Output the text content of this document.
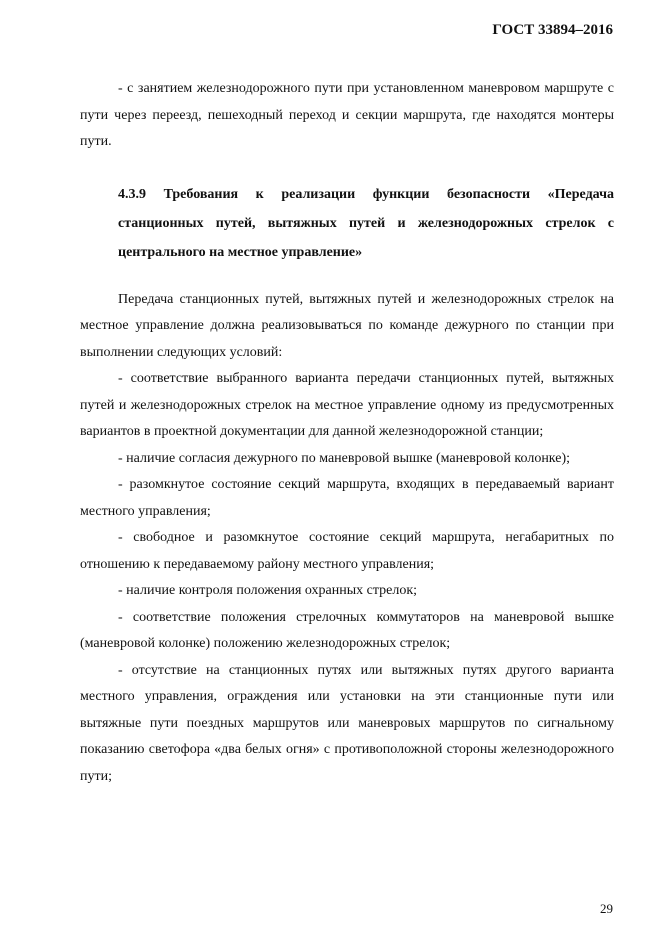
ГОСТ 33894–2016

- с занятием железнодорожного пути при установленном маневровом маршруте с пути через переезд, пешеходный переход и секции маршрута, где находятся монтеры пути.

4.3.9 Требования к реализации функции безопасности «Передача станционных путей, вытяжных путей и железнодорожных стрелок с центрального на местное управление»

Передача станционных путей, вытяжных путей и железнодорожных стрелок на местное управление должна реализовываться по команде дежурного по станции при выполнении следующих условий:

- соответствие выбранного варианта передачи станционных путей, вытяжных путей и железнодорожных стрелок на местное управление одному из предусмотренных вариантов в проектной документации для данной железнодорожной станции;

- наличие согласия дежурного по маневровой вышке (маневровой колонке);

- разомкнутое состояние секций маршрута, входящих в передаваемый вариант местного управления;

- свободное и разомкнутое состояние секций маршрута, негабаритных по отношению к передаваемому району местного управления;

- наличие контроля положения охранных стрелок;

- соответствие положения стрелочных коммутаторов на маневровой вышке (маневровой колонке) положению железнодорожных стрелок;

- отсутствие на станционных путях или вытяжных путях другого варианта местного управления, ограждения или установки на эти станционные пути или вытяжные пути поездных маршрутов или маневровых маршрутов по сигнальному показанию светофора «два белых огня» с противоположной стороны железнодорожного пути;

29
